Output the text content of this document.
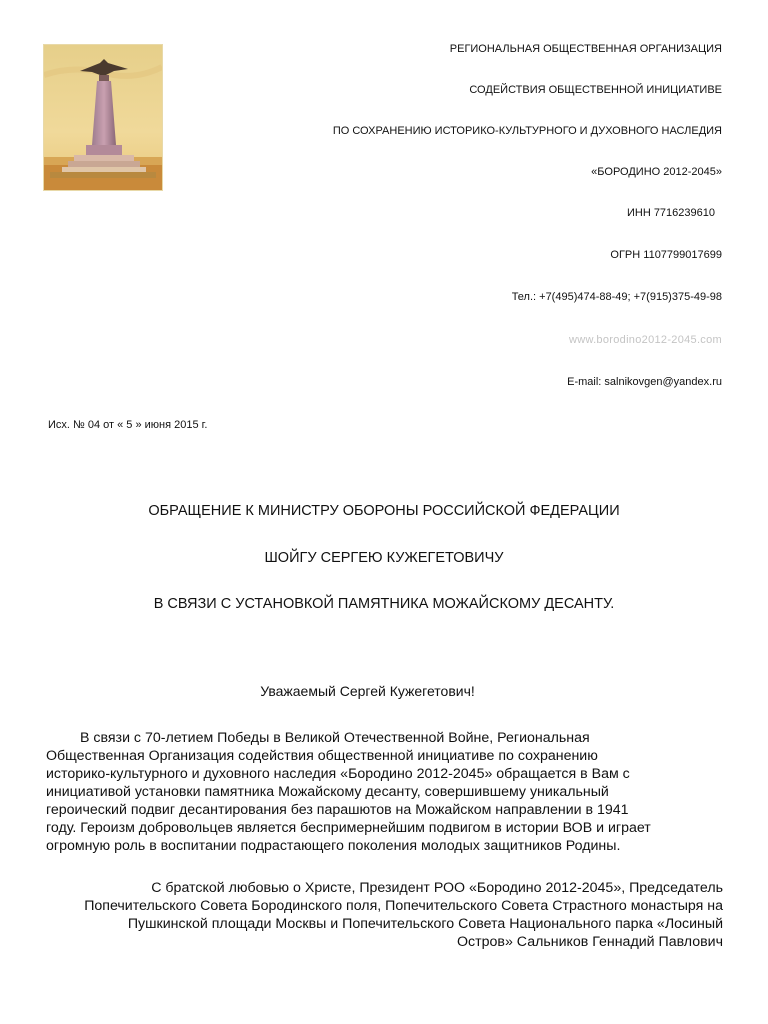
РЕГИОНАЛЬНАЯ ОБЩЕСТВЕННАЯ ОРГАНИЗАЦИЯ
СОДЕЙСТВИЯ ОБЩЕСТВЕННОЙ ИНИЦИАТИВЕ
ПО СОХРАНЕНИЮ ИСТОРИКО-КУЛЬТУРНОГО И ДУХОВНОГО НАСЛЕДИЯ
«БОРОДИНО 2012-2045»
ИНН 7716239610
ОГРН 1107799017699
Тел.: +7(495)474-88-49; +7(915)375-49-98
www.borodino2012-2045.com
E-mail: salnikovgen@yandex.ru
Исх. № 04 от « 5 » июня 2015 г.
ОБРАЩЕНИЕ К МИНИСТРУ ОБОРОНЫ РОССИЙСКОЙ ФЕДЕРАЦИИ
ШОЙГУ СЕРГЕЮ КУЖЕГЕТОВИЧУ
В СВЯЗИ С УСТАНОВКОЙ ПАМЯТНИКА МОЖАЙСКОМУ ДЕСАНТУ.
Уважаемый Сергей Кужегетович!
В связи с 70-летием Победы в Великой Отечественной Войне, Региональная
Общественная Организация содействия общественной инициативе по сохранению
историко-культурного и духовного наследия «Бородино 2012-2045» обращается в Вам с
инициативой установки памятника Можайскому десанту, совершившему уникальный
героический подвиг десантирования без парашютов на Можайском направлении в 1941
году. Героизм добровольцев является беспримернейшим подвигом в истории ВОВ и играет
огромную роль в воспитании подрастающего поколения молодых защитников Родины.
С братской любовью о Христе, Президент РОО «Бородино 2012-2045», Председатель
Попечительского Совета Бородинского поля, Попечительского Совета Страстного монастыря на
Пушкинской площади Москвы и Попечительского Совета Национального парка «Лосиный
Остров» Сальников Геннадий Павлович
